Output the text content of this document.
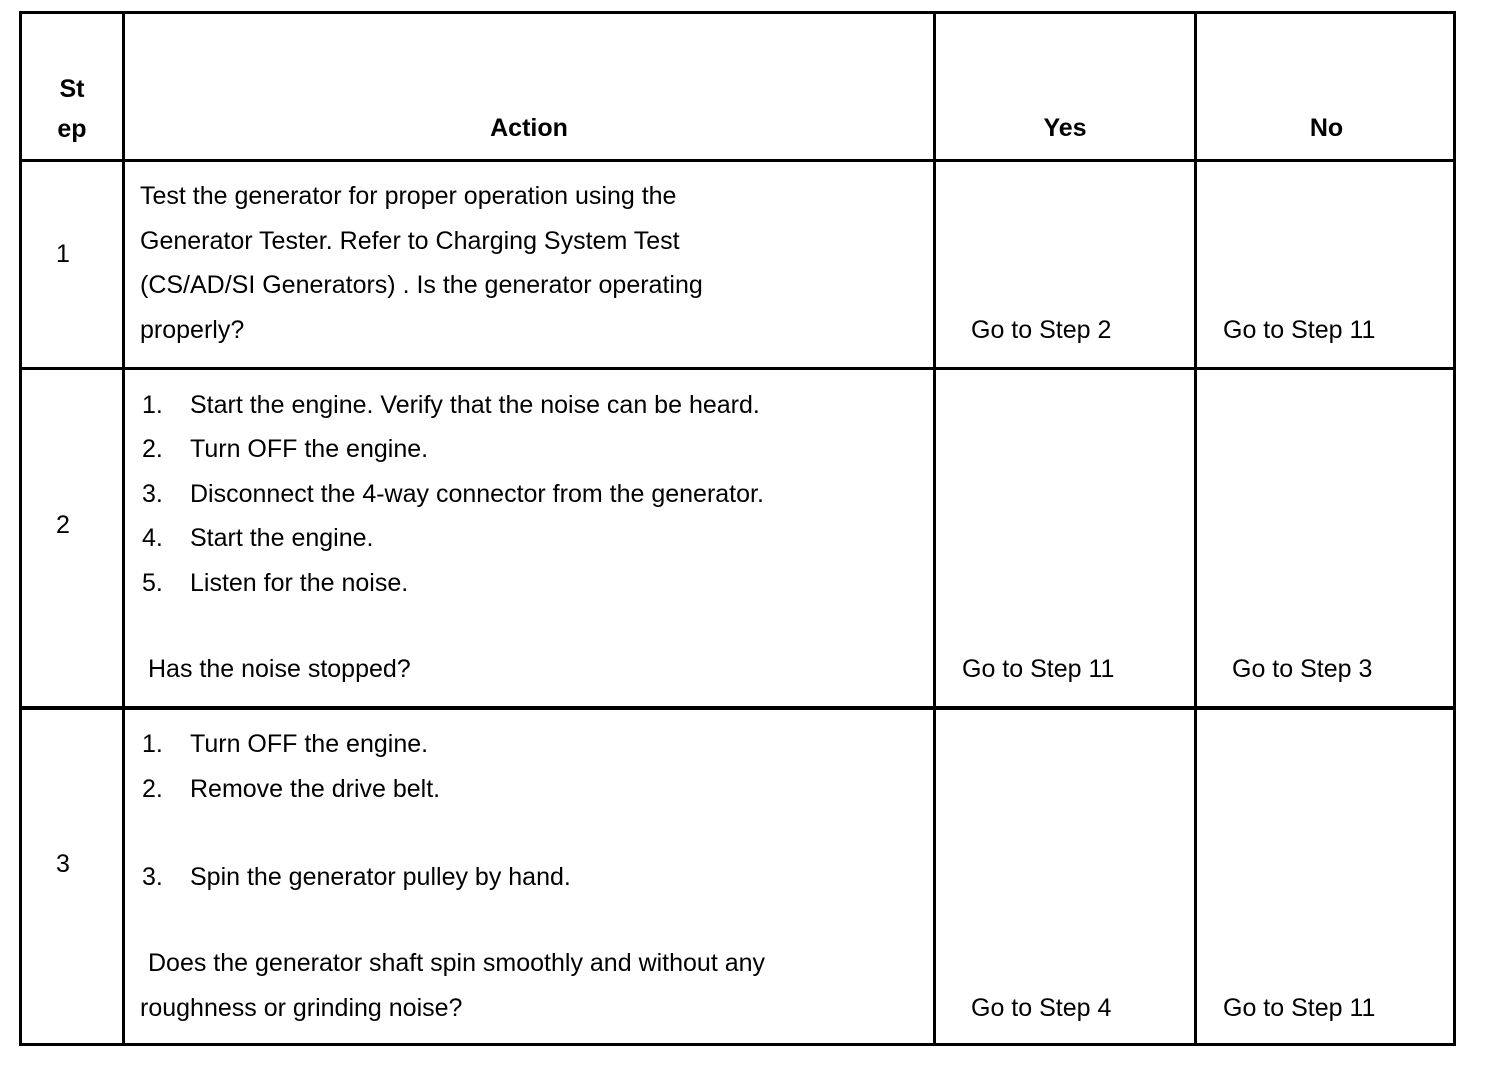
St
ep	Action	Yes	No
1
Test the generator for proper operation using the
Generator Tester. Refer to Charging System Test
(CS/AD/SI Generators) . Is the generator operating
properly?	Go to Step 2	Go to Step 11
2
1. Start the engine. Verify that the noise can be heard.
2. Turn OFF the engine.
3. Disconnect the 4-way connector from the generator.
4. Start the engine.
5. Listen for the noise.
Has the noise stopped?	Go to Step 11	Go to Step 3
3
1. Turn OFF the engine.
2. Remove the drive belt.
3. Spin the generator pulley by hand.
Does the generator shaft spin smoothly and without any
roughness or grinding noise?	Go to Step 4	Go to Step 11
